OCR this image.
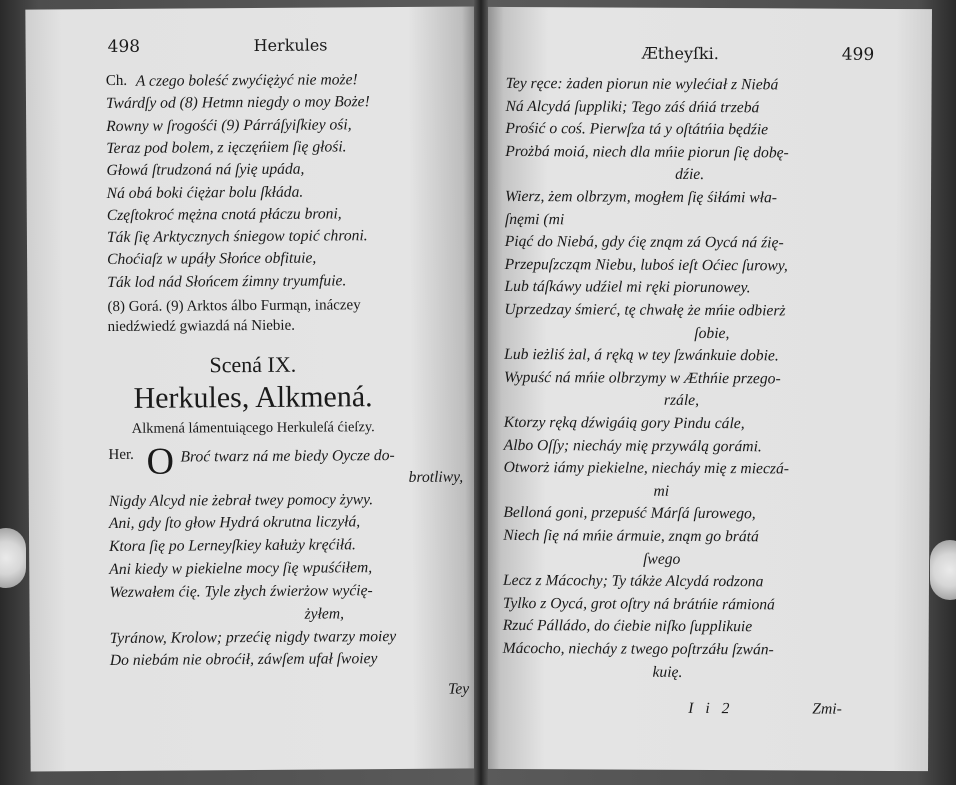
498	Herkules
Ch. A czego boleść zwyćiężyć nie może!
Twárdſy od (8) Hetmn niegdy o moy Boże!
Rowny w ſrogośći (9) Párráſyiſkiey ośi,
Teraz pod bolem, z ięczęńiem ſię głośi.
Głowá ſtrudzoná ná ſyię upáda,
Ná obá boki ćiężar bolu ſkłáda.
Częſtokroć mężna cnotá płáczu broni,
Ták ſię Arktycznych śniegow topić chroni.
Choćiaſz w upáły Słońce obfituie,
Ták lod nád Słońcem źimny tryumfuie.
(8) Gorá. (9) Arktos álbo Furmąn, ináczey
niedźwiedź gwiazdá ná Niebie.
Scená IX.
Herkules, Alkmená.
Alkmená lámentuiącego Herkuleſá ćieſzy.
Her. O Broć twarz ná me biedy Oycze do-
brotliwy,
Nigdy Alcyd nie żebrał twey pomocy żywy.
Ani, gdy ſto głow Hydrá okrutna liczyłá,
Ktora ſię po Lerneyſkiey kałuży kręćiłá.
Ani kiedy w piekielne mocy ſię wpuśćiłem,
Wezwałem ćię. Tyle złych źwierżow wyćię-
żyłem,
Tyránow, Krolow; przećię nigdy twarzy moiey
Do niebám nie obroćił, záwſem ufał ſwoiey
Tey
Ætheyſki.	499
Tey ręce: żaden piorun nie wylećiał z Niebá
Ná Alcydá ſuppliki; Tego záś dńiá trzebá
Prośić o coś. Pierwſza tá y oſtátńia będźie
Prożbá moiá, niech dla mńie piorun ſię dobę-
dźie.
Wierz, żem olbrzym, mogłem ſię śiłámi wła-
ſnęmi (mi
Piąć do Niebá, gdy ćię znąm zá Oycá ná źię-
Przepuſzcząm Niebu, luboś ieſt Oćiec ſurowy,
Lub táſkáwy udźiel mi ręki piorunowey.
Uprzedzay śmierć, tę chwałę że mńie odbierż
ſobie,
Lub ieżliś żal, á ręką w tey ſzwánkuie dobie.
Wypuść ná mńie olbrzymy w Æthńie przego-
rzále,
Ktorzy ręką dźwigáią gory Pindu cále,
Albo Oſſy; niecháy mię przywálą gorámi.
Otworż iámy piekielne, niecháy mię z mieczá-
mi
Belloná goni, przepuść Márſá ſurowego,
Niech ſię ná mńie ármuie, znąm go brátá
ſwego
Lecz z Mácochy; Ty tákże Alcydá rodzona
Tylko z Oycá, grot oſtry ná brátńie rámioná
Rzuć Pálládo, do ćiebie niſko ſupplikuie
Mácocho, niecháy z twego poſtrzáłu ſzwán-
kuię.
I i 2	Zmi-
